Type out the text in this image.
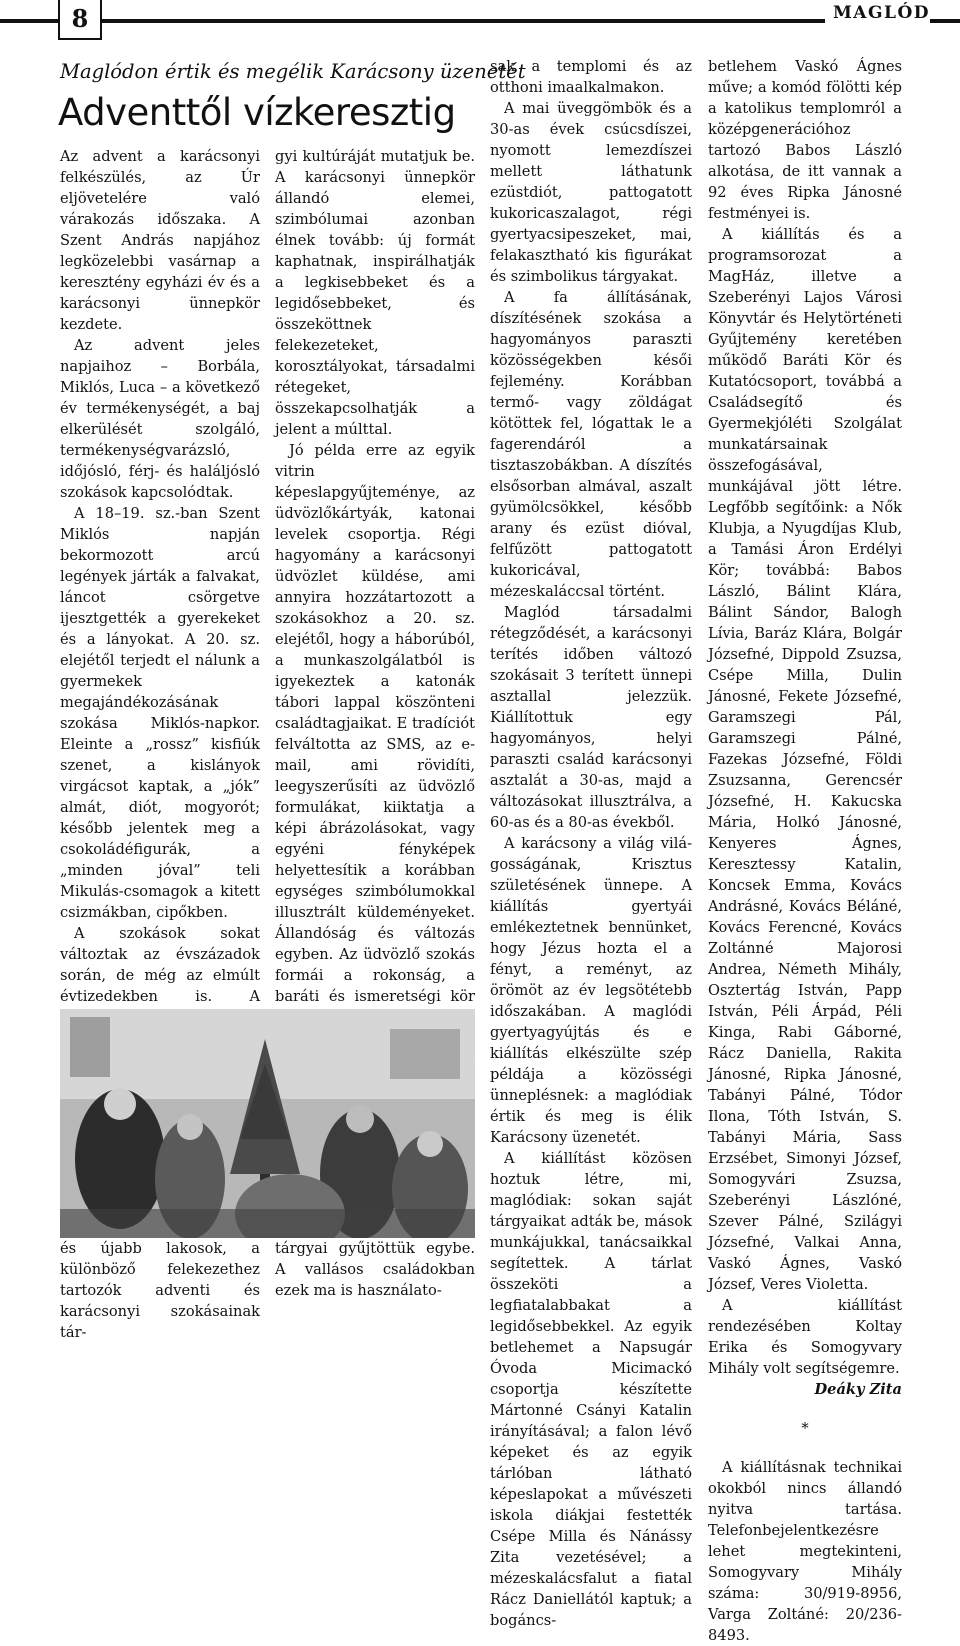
8	MAGLÓD
Maglódon értik és megélik Karácsony üzenetét
Adventtől vízkeresztig

Az advent a karácsonyi felkészülés, az Úr eljövetelére való várakozás időszaka. A Szent András napjához legközelebbi vasárnap a keresztény egyházi év és a karácsonyi ünnepkör kezdete.

Az advent jeles napjaihoz – Borbála, Miklós, Luca – a következő év termékenységét, a baj elkerülését szolgáló, termékenységvarázsló, időjósló, férj- és haláljósló szokások kapcsolódtak.

A 18–19. sz.-ban Szent Miklós napján bekormozott arcú legények járták a falvakat, láncot csörgetve ijesztgették a gyerekeket és a lányokat. A 20. sz. elejétől terjedt el nálunk a gyermekek megajándékozásának szokása Miklós-napkor. Eleinte a „rossz” kisfiúk szenet, a kislányok virgácsot kaptak, a „jók” almát, diót, mogyorót; később jelentek meg a csokoládéfigurák, a „minden jóval” teli Mikulás-csomagok a kitett csizmákban, cipőkben.

A szokások sokat változtak az évszázadok során, de még az elmúlt évtizedekben is. A és újabb lakosok, a különböző felekezethez tartozók adventi és karácsonyi szokásainak tár-

gyi kultúráját mutatjuk be. A karácsonyi ünnepkör állandó elemei, szimbólumai azonban élnek tovább: új formát kaphatnak, inspirálhatják a legkisebbeket és a legidősebbeket, és összeköttnek felekezeteket, korosztályokat, társadalmi rétegeket, összekapcsolhatják a jelent a múlttal.

Jó példa erre az egyik vitrin képeslapgyűjteménye, az üdvözlőkártyák, katonai levelek csoportja. Régi hagyomány a karácsonyi üdvözlet küldése, ami annyira hozzátartozott a szokásokhoz a 20. sz. elejétől, hogy a háborúból, a munkaszolgálatból is igyekeztek a katonák tábori lappal köszönteni családtagjaikat. E tradíciót felváltotta az SMS, az e-mail, ami rövidíti, leegyszerűsíti az üdvözlő formulákat, kiiktatja a képi ábrázolásokat, vagy egyéni fényképek helyettesítik a korábban egységes szimbólumokkal illusztrált küldeményeket. Állandóság és változás egyben. Az üdvözlő szokás formái a rokonság, a baráti és ismeretségi kör

tárgyai gyűjtöttük egybe. A vallásos családokban ezek ma is használato-

sak a templomi és az otthoni imaalkalmakon.

A mai üveggömbök és a 30-as évek csúcsdíszei, nyomott lemezdíszei mellett láthatunk ezüstdiót, pattogatott kukoricaszalagot, régi gyertyacsipeszeket, mai, felakasztható kis figurákat és szimbolikus tárgyakat.

A fa állításának, díszítésének szokása a hagyományos paraszti közösségekben késői fejlemény. Korábban termő- vagy zöldágat kötöttek fel, lógattak le a fagerendáról a tisztaszobákban. A díszítés elsősorban almával, aszalt gyümölcsökkel, később arany és ezüst dióval, felfűzött pattogatott kukoricával, mézeskaláccsal történt.

Maglód társadalmi rétegződését, a karácsonyi terítés időben változó szokásait 3 terített ünnepi asztallal jelezzük. Kiállítottuk egy hagyományos, helyi paraszti család karácsonyi asztalát a 30-as, majd a változásokat illusztrálva, a 60-as és a 80-as évekből.

A karácsony a világ világosságának, Krisztus születésének ünnepe. A kiállítás gyertyái emlékeztetnek bennünket, hogy Jézus hozta el a fényt, a reményt, az örömöt az év legsötétebb időszakában. A maglódi gyertyagyújtás és e kiállítás elkészülte szép példája a közösségi ünneplésnek: a maglódiak értik és meg is élik Karácsony üzenetét.

A kiállítást közösen hoztuk létre, mi, maglódiak: sokan saját tárgyaikat adták be, mások munkájukkal, tanácsaikkal segítettek. A tárlat összeköti a legfiatalabbakat a legidősebbekkel. Az egyik betlehemet a Napsugár Óvoda Micimackó csoportja készítette Mártonné Csányi Katalin irányításával; a falon lévő képeket és az egyik tárlóban látható képeslapokat a művészeti iskola diákjai festették Csépe Milla és Nánássy Zita vezetésével; a mézeskalácsfalut a fiatal Rácz Daniellától kaptuk; a bogáncs-

betlehem Vaskó Ágnes műve; a komód fölötti kép a katolikus templomról a középgenerációhoz tartozó Babos László alkotása, de itt vannak a 92 éves Ripka Jánosné festményei is.

A kiállítás és a programsorozat a MagHáz, illetve a Szeberényi Lajos Városi Könyvtár és Helytörténeti Gyűjtemény keretében működő Baráti Kör és Kutatócsoport, továbbá a Családsegítő és Gyermekjóléti Szolgálat munkatársainak összefogásával, munkájával jött létre. Legfőbb segítőink: a Nők Klubja, a Nyugdíjas Klub, a Tamási Áron Erdélyi Kör; továbbá: Babos László, Bálint Klára, Bálint Sándor, Balogh Lívia, Baráz Klára, Bolgár Józsefné, Dippold Zsuzsa, Csépe Milla, Dulin Jánosné, Fekete Józsefné, Garamszegi Pál, Garamszegi Pálné, Fazekas Józsefné, Földi Zsuzsanna, Gerencsér Józsefné, H. Kakucska Mária, Holkó Jánosné, Kenyeres Ágnes, Keresztessy Katalin, Koncsek Emma, Kovács Andrásné, Kovács Béláné, Kovács Ferencné, Kovács Zoltánné Majorosi Andrea, Németh Mihály, Osztertág István, Papp István, Péli Árpád, Péli Kinga, Rabi Gáborné, Rácz Daniella, Rakita Jánosné, Ripka Jánosné, Tabányi Pálné, Tódor Ilona, Tóth István, S. Tabányi Mária, Sass Erzsébet, Simonyi József, Somogyvári Zsuzsa, Szeberényi Lászlóné, Szever Pálné, Szilágyi Józsefné, Valkai Anna, Vaskó Ágnes, Vaskó József, Veres Violetta.

A kiállítást rendezésében Koltay Erika és Somogyvary Mihály volt segítségemre.

Deáky Zita

*

A kiállításnak technikai okokból nincs állandó nyitva tartása. Telefonbejelentkezésre lehet megtekinteni, Somogyvary Mihály száma: 30/919-8956, Varga Zoltáné: 20/236-8493.
